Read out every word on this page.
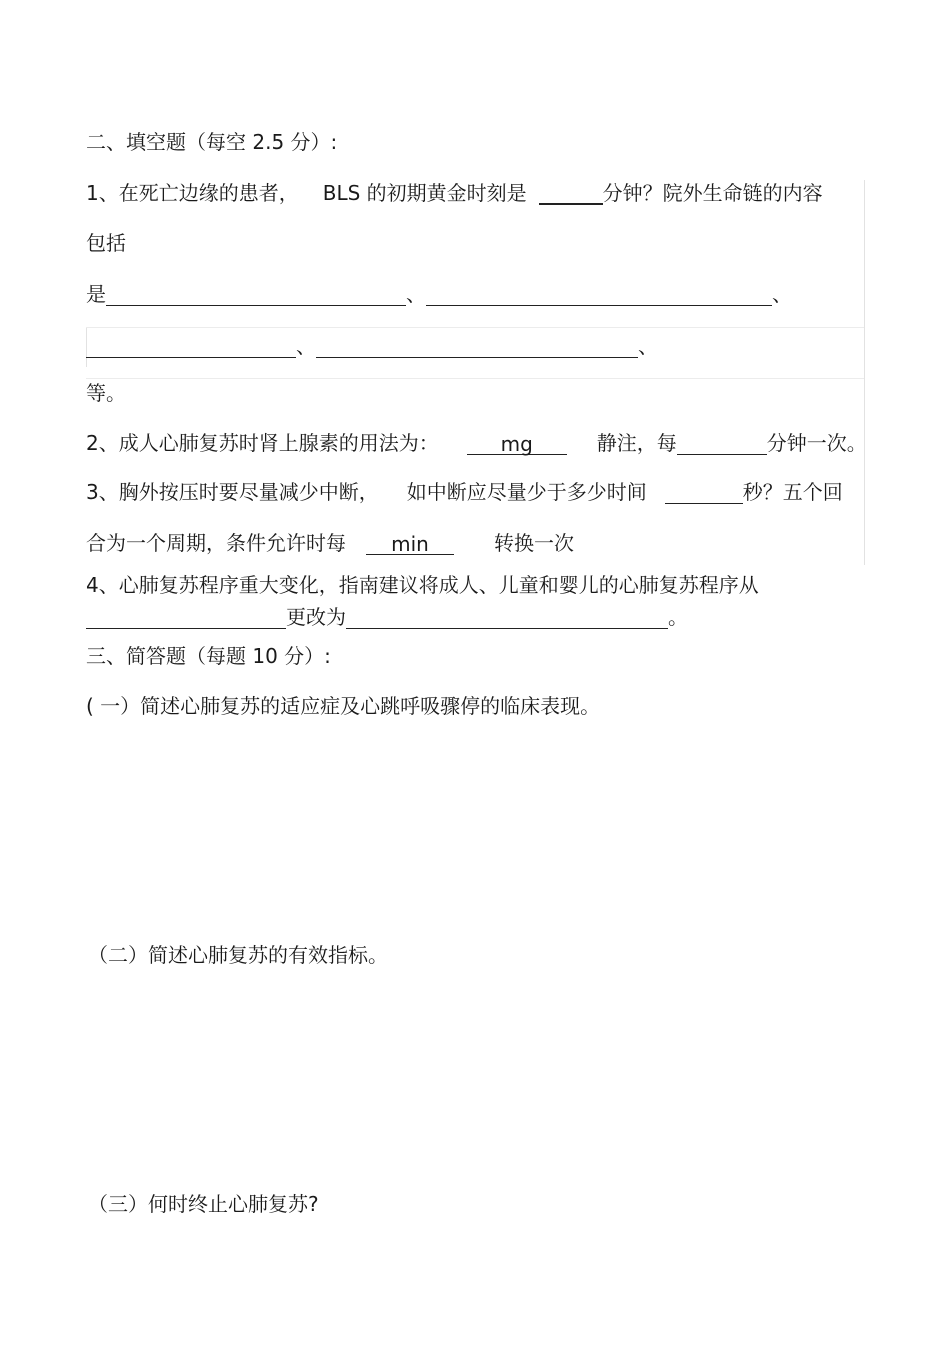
二、填空题（每空 2.5 分）:
1、在死亡边缘的患者， BLS 的初期黄金时刻是	分钟？院外生命链的内容
包括
是	、	、
、	、
等。
2、成人心肺复苏时肾上腺素的用法为：	mg	静注，每	分钟一次。
3、胸外按压时要尽量减少中断， 如中断应尽量少于多少时间	秒？五个回
合为一个周期，条件允许时每 min	转换一次
4、心肺复苏程序重大变化，指南建议将成人、儿童和婴儿的心肺复苏程序从
更改为	。
三、简答题（每题 10 分）:
( 一）简述心肺复苏的适应症及心跳呼吸骤停的临床表现。
（二）简述心肺复苏的有效指标。
（三）何时终止心肺复苏?
